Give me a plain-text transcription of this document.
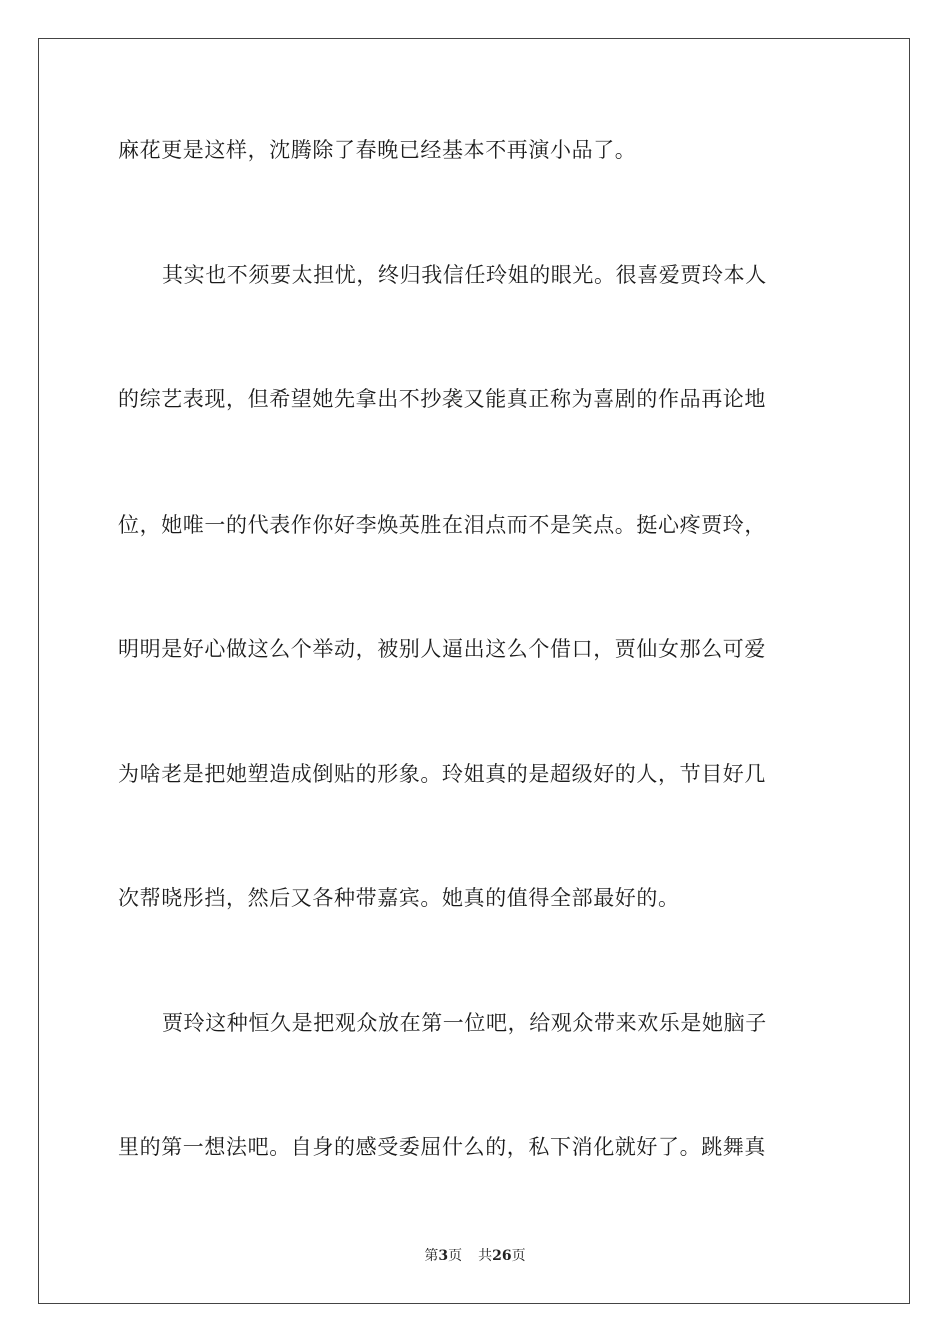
麻花更是这样，沈腾除了春晚已经基本不再演小品了。
其实也不须要太担忧，终归我信任玲姐的眼光。很喜爱贾玲本人
的综艺表现，但希望她先拿出不抄袭又能真正称为喜剧的作品再论地
位，她唯一的代表作你好李焕英胜在泪点而不是笑点。挺心疼贾玲，
明明是好心做这么个举动，被别人逼出这么个借口，贾仙女那么可爱
为啥老是把她塑造成倒贴的形象。玲姐真的是超级好的人，节目好几
次帮晓彤挡，然后又各种带嘉宾。她真的值得全部最好的。
贾玲这种恒久是把观众放在第一位吧，给观众带来欢乐是她脑子
里的第一想法吧。自身的感受委屈什么的，私下消化就好了。跳舞真
第3页 共26页
